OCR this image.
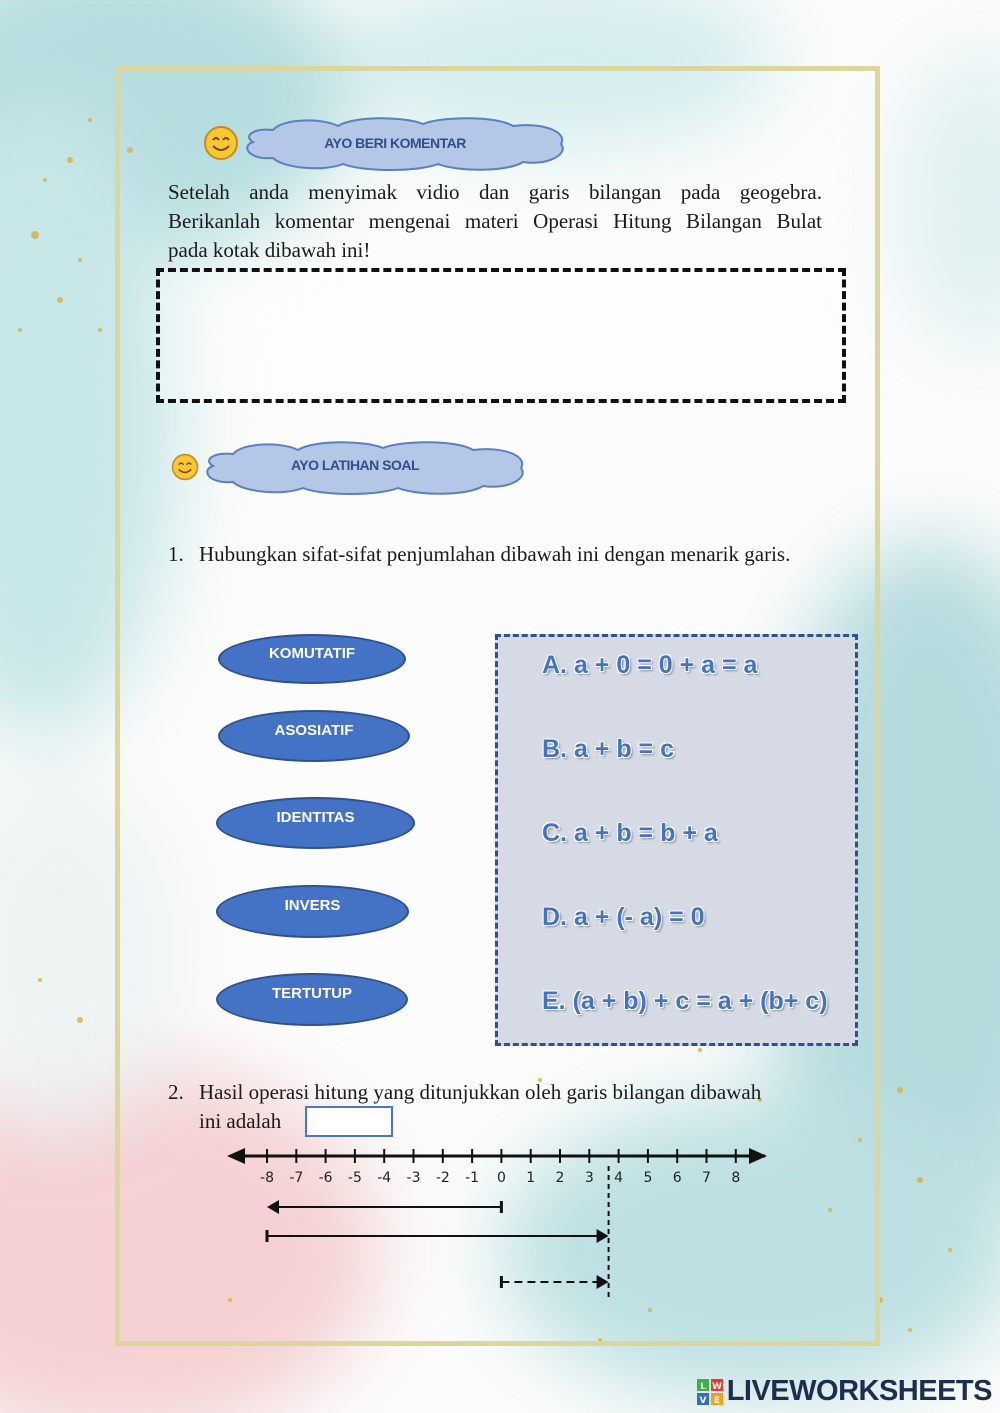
AYO BERI KOMENTAR
Setelah anda menyimak vidio dan garis bilangan pada geogebra.
Berikanlah komentar mengenai materi Operasi Hitung Bilangan Bulat
pada kotak dibawah ini!
AYO LATIHAN SOAL
1. Hubungkan sifat-sifat penjumlahan dibawah ini dengan menarik garis.
KOMUTATIF
ASOSIATIF
IDENTITAS
INVERS
TERTUTUP
A. a + 0 = 0 + a = a
B. a + b = c
C. a + b = b + a
D. a + (- a) = 0
E. (a + b) + c = a + (b+ c)
2. Hasil operasi hitung yang ditunjukkan oleh garis bilangan dibawah
ini adalah
-8 -7 -6 -5 -4 -3 -2 -1 0 1 2 3 4 5 6 7 8
L W
V E LIVEWORKSHEETS
